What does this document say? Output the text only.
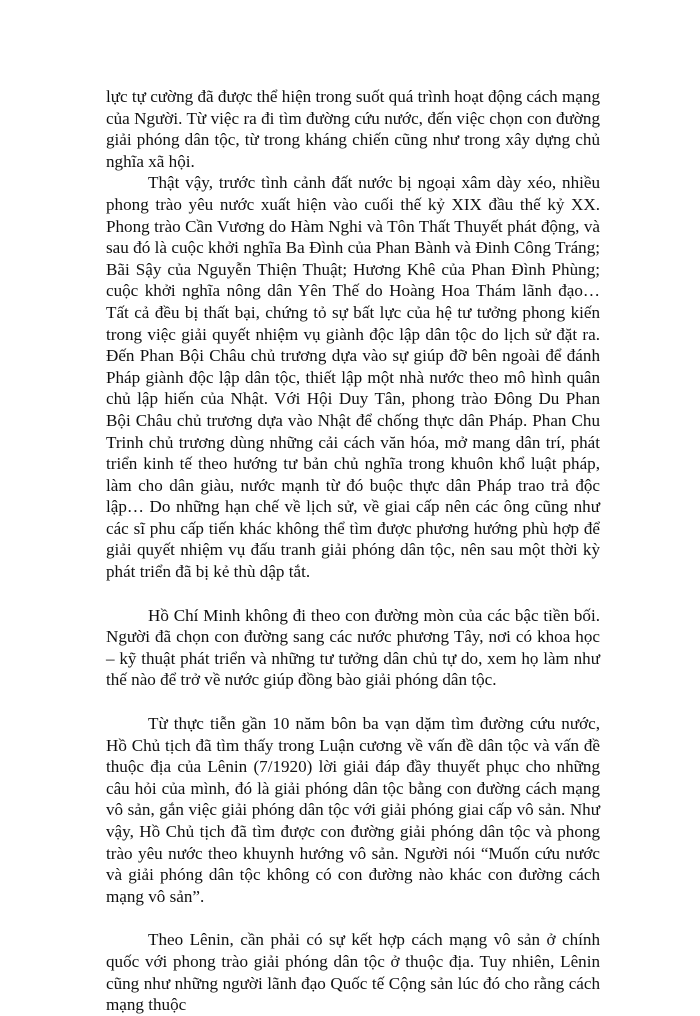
lực tự cường đã được thể hiện trong suốt quá trình hoạt động cách mạng của Người. Từ việc ra đi tìm đường cứu nước, đến việc chọn con đường giải phóng dân tộc, từ trong kháng chiến cũng như trong xây dựng chủ nghĩa xã hội.

Thật vậy, trước tình cảnh đất nước bị ngoại xâm dày xéo, nhiều phong trào yêu nước xuất hiện vào cuối thế kỷ XIX đầu thế kỷ XX. Phong trào Cần Vương do Hàm Nghi và Tôn Thất Thuyết phát động, và sau đó là cuộc khởi nghĩa Ba Đình của Phan Bành và Đinh Công Tráng; Bãi Sậy của Nguyễn Thiện Thuật; Hương Khê của Phan Đình Phùng; cuộc khởi nghĩa nông dân Yên Thế do Hoàng Hoa Thám lãnh đạo… Tất cả đều bị thất bại, chứng tỏ sự bất lực của hệ tư tưởng phong kiến trong việc giải quyết nhiệm vụ giành độc lập dân tộc do lịch sử đặt ra. Đến Phan Bội Châu chủ trương dựa vào sự giúp đỡ bên ngoài để đánh Pháp giành độc lập dân tộc, thiết lập một nhà nước theo mô hình quân chủ lập hiến của Nhật. Với Hội Duy Tân, phong trào Đông Du Phan Bội Châu chủ trương dựa vào Nhật để chống thực dân Pháp. Phan Chu Trinh chủ trương dùng những cải cách văn hóa, mở mang dân trí, phát triển kinh tế theo hướng tư bản chủ nghĩa trong khuôn khổ luật pháp, làm cho dân giàu, nước mạnh từ đó buộc thực dân Pháp trao trả độc lập… Do những hạn chế về lịch sử, về giai cấp nên các ông cũng như các sĩ phu cấp tiến khác không thể tìm được phương hướng phù hợp để giải quyết nhiệm vụ đấu tranh giải phóng dân tộc, nên sau một thời kỳ phát triển đã bị kẻ thù dập tắt.

Hồ Chí Minh không đi theo con đường mòn của các bậc tiền bối. Người đã chọn con đường sang các nước phương Tây, nơi có khoa học – kỹ thuật phát triển và những tư tưởng dân chủ tự do, xem họ làm như thế nào để trở về nước giúp đồng bào giải phóng dân tộc.

Từ thực tiễn gần 10 năm bôn ba vạn dặm tìm đường cứu nước, Hồ Chủ tịch đã tìm thấy trong Luận cương về vấn đề dân tộc và vấn đề thuộc địa của Lênin (7/1920) lời giải đáp đầy thuyết phục cho những câu hỏi của mình, đó là giải phóng dân tộc bằng con đường cách mạng vô sản, gắn việc giải phóng dân tộc với giải phóng giai cấp vô sản. Như vậy, Hồ Chủ tịch đã tìm được con đường giải phóng dân tộc và phong trào yêu nước theo khuynh hướng vô sản. Người nói “Muốn cứu nước và giải phóng dân tộc không có con đường nào khác con đường cách mạng vô sản”.

Theo Lênin, cần phải có sự kết hợp cách mạng vô sản ở chính quốc với phong trào giải phóng dân tộc ở thuộc địa. Tuy nhiên, Lênin cũng như những người lãnh đạo Quốc tế Cộng sản lúc đó cho rằng cách mạng thuộc
